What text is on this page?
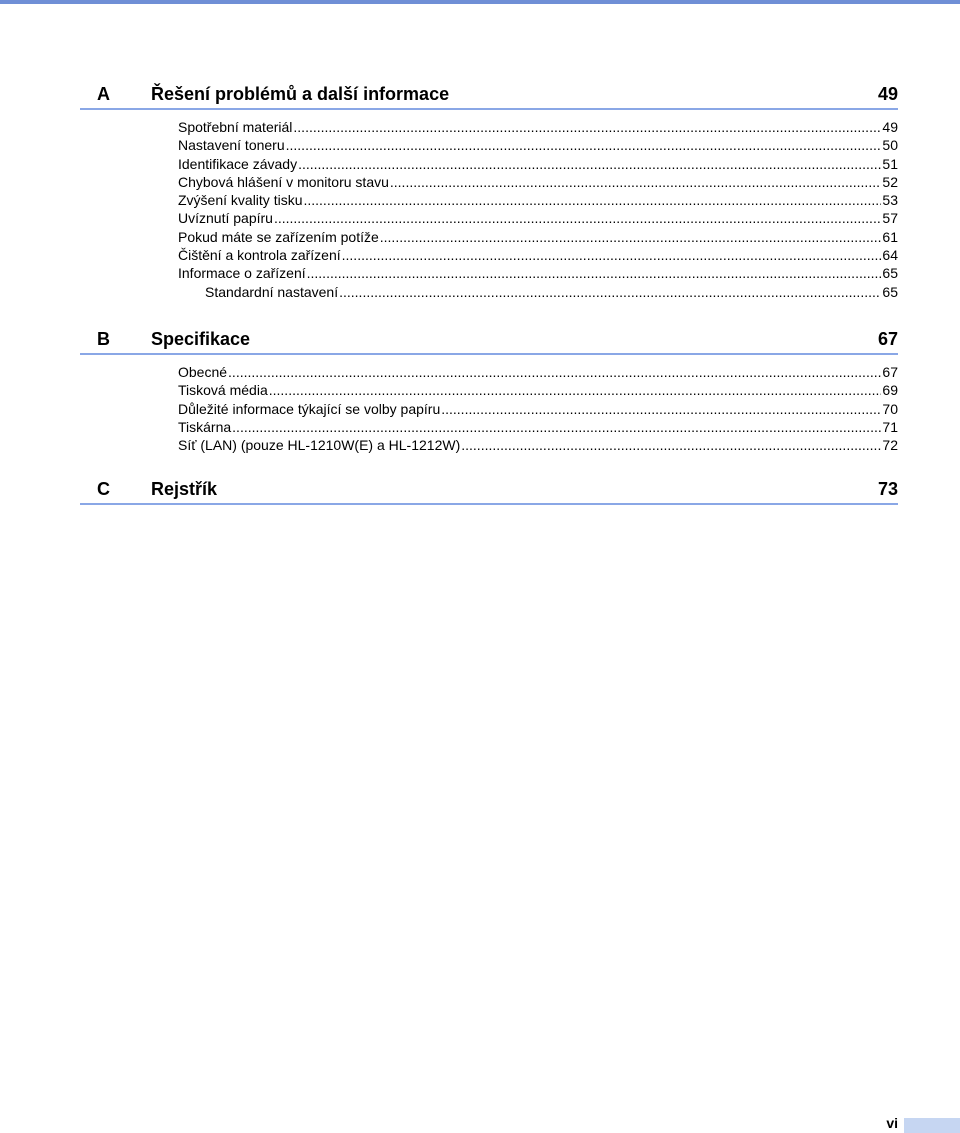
A Řešení problémů a další informace	49
Spotřební materiál .....	49
Nastavení toneru .....	50
Identifikace závady .....	51
Chybová hlášení v monitoru stavu .....	52
Zvýšení kvality tisku .....	53
Uvíznutí papíru .....	57
Pokud máte se zařízením potíže .....	61
Čištění a kontrola zařízení .....	64
Informace o zařízení .....	65
Standardní nastavení .....	65
B Specifikace	67
Obecné .....	67
Tisková média .....	69
Důležité informace týkající se volby papíru .....	70
Tiskárna .....	71
Síť (LAN) (pouze HL-1210W(E) a HL-1212W) .....	72
C Rejstřík	73
vi
